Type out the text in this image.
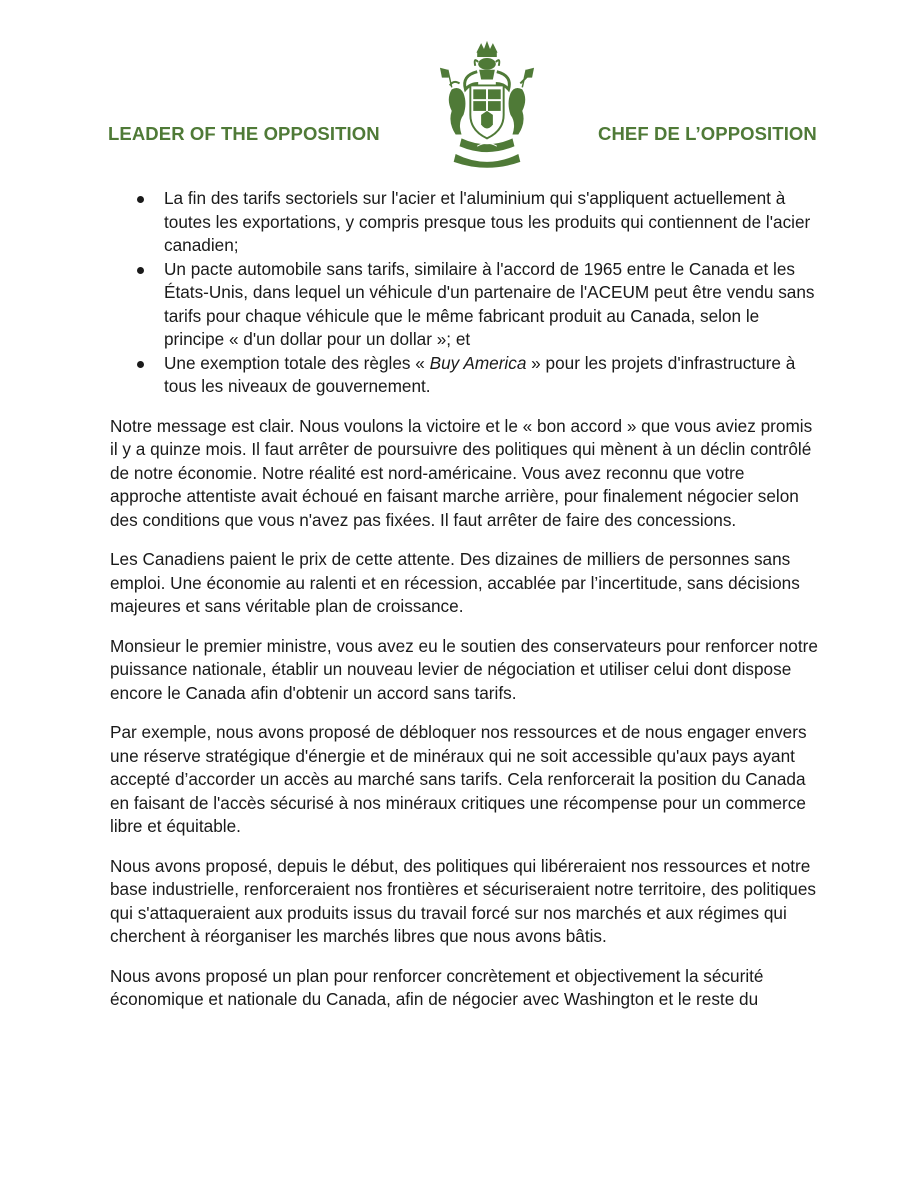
LEADER OF THE OPPOSITION	CHEF DE L’OPPOSITION
La fin des tarifs sectoriels sur l'acier et l'aluminium qui s'appliquent actuellement à toutes les exportations, y compris presque tous les produits qui contiennent de l'acier canadien;
Un pacte automobile sans tarifs, similaire à l'accord de 1965 entre le Canada et les États-Unis, dans lequel un véhicule d'un partenaire de l'ACEUM peut être vendu sans tarifs pour chaque véhicule que le même fabricant produit au Canada, selon le principe « d'un dollar pour un dollar »; et
Une exemption totale des règles « Buy America » pour les projets d'infrastructure à tous les niveaux de gouvernement.

Notre message est clair. Nous voulons la victoire et le « bon accord » que vous aviez promis il y a quinze mois. Il faut arrêter de poursuivre des politiques qui mènent à un déclin contrôlé de notre économie. Notre réalité est nord-américaine. Vous avez reconnu que votre approche attentiste avait échoué en faisant marche arrière, pour finalement négocier selon des conditions que vous n'avez pas fixées. Il faut arrêter de faire des concessions.

Les Canadiens paient le prix de cette attente. Des dizaines de milliers de personnes sans emploi. Une économie au ralenti et en récession, accablée par l’incertitude, sans décisions majeures et sans véritable plan de croissance.

Monsieur le premier ministre, vous avez eu le soutien des conservateurs pour renforcer notre puissance nationale, établir un nouveau levier de négociation et utiliser celui dont dispose encore le Canada afin d'obtenir un accord sans tarifs.

Par exemple, nous avons proposé de débloquer nos ressources et de nous engager envers une réserve stratégique d'énergie et de minéraux qui ne soit accessible qu'aux pays ayant accepté d’accorder un accès au marché sans tarifs. Cela renforcerait la position du Canada en faisant de l'accès sécurisé à nos minéraux critiques une récompense pour un commerce libre et équitable.

Nous avons proposé, depuis le début, des politiques qui libéreraient nos ressources et notre base industrielle, renforceraient nos frontières et sécuriseraient notre territoire, des politiques qui s'attaqueraient aux produits issus du travail forcé sur nos marchés et aux régimes qui cherchent à réorganiser les marchés libres que nous avons bâtis.

Nous avons proposé un plan pour renforcer concrètement et objectivement la sécurité économique et nationale du Canada, afin de négocier avec Washington et le reste du
